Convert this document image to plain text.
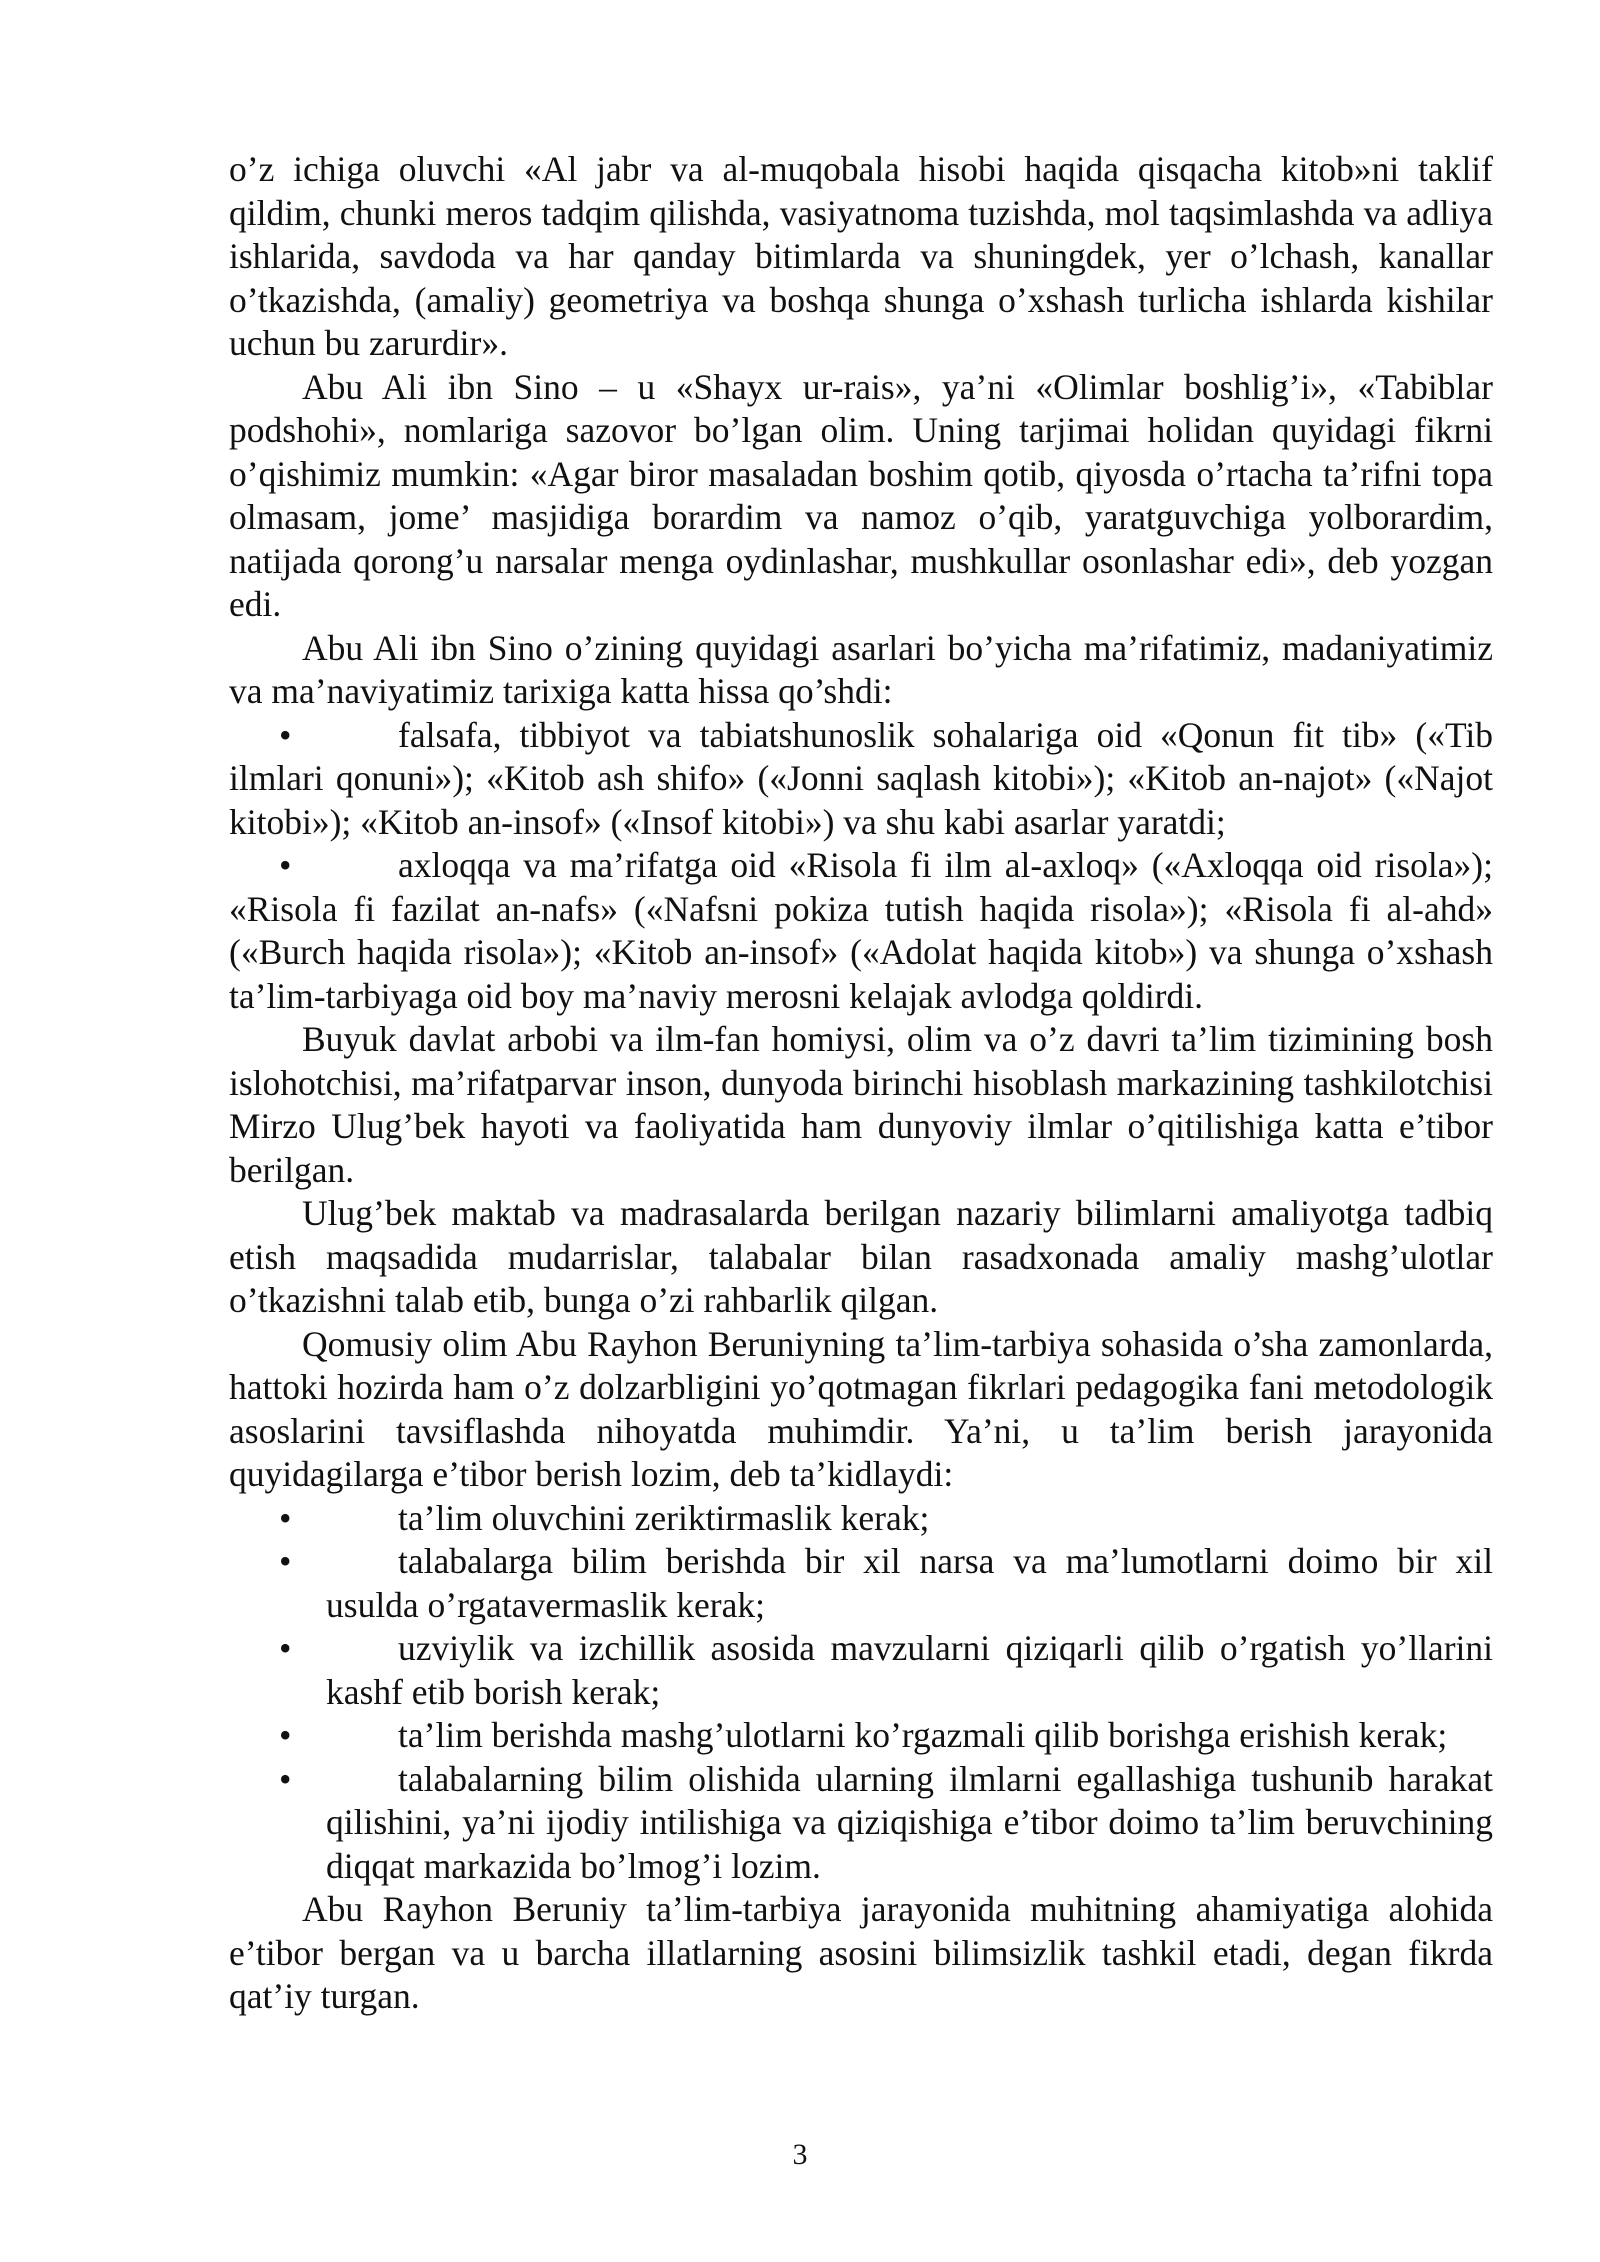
o’z ichiga oluvchi «Al jabr va al-muqobala hisobi haqida qisqacha kitob»ni taklif qildim, chunki meros tadqim qilishda, vasiyatnoma tuzishda, mol taqsimlashda va adliya ishlarida, savdoda va har qanday bitimlarda va shuningdek, yer o’lchash, kanallar o’tkazishda, (amaliy) geometriya va boshqa shunga o’xshash turlicha ishlarda kishilar uchun bu zarurdir».

Abu Ali ibn Sino – u «Shayx ur-rais», ya’ni «Olimlar boshlig’i», «Tabiblar podshohi», nomlariga sazovor bo’lgan olim. Uning tarjimai holidan quyidagi fikrni o’qishimiz mumkin: «Agar biror masaladan boshim qotib, qiyosda o’rtacha ta’rifni topa olmasam, jome’ masjidiga borardim va namoz o’qib, yaratguvchiga yolborardim, natijada qorong’u narsalar menga oydinlashar, mushkullar osonlashar edi», deb yozgan edi.

Abu Ali ibn Sino o’zining quyidagi asarlari bo’yicha ma’rifatimiz, madaniyatimiz va ma’naviyatimiz tarixiga katta hissa qo’shdi:

•	falsafa, tibbiyot va tabiatshunoslik sohalariga oid «Qonun fit tib» («Tib ilmlari qonuni»); «Kitob ash shifo» («Jonni saqlash kitobi»); «Kitob an-najot» («Najot kitobi»); «Kitob an-insof» («Insof kitobi») va shu kabi asarlar yaratdi;

•	axloqqa va ma’rifatga oid «Risola fi ilm al-axloq» («Axloqqa oid risola»); «Risola fi fazilat an-nafs» («Nafsni pokiza tutish haqida risola»); «Risola fi al-ahd» («Burch haqida risola»); «Kitob an-insof» («Adolat haqida kitob») va shunga o’xshash ta’lim-tarbiyaga oid boy ma’naviy merosni kelajak avlodga qoldirdi.

Buyuk davlat arbobi va ilm-fan homiysi, olim va o’z davri ta’lim tizimining bosh islohotchisi, ma’rifatparvar inson, dunyoda birinchi hisoblash markazining tashkilotchisi Mirzo Ulug’bek hayoti va faoliyatida ham dunyoviy ilmlar o’qitilishiga katta e’tibor berilgan.

Ulug’bek maktab va madrasalarda berilgan nazariy bilimlarni amaliyotga tadbiq etish maqsadida mudarrislar, talabalar bilan rasadxonada amaliy mashg’ulotlar o’tkazishni talab etib, bunga o’zi rahbarlik qilgan.

Qomusiy olim Abu Rayhon Beruniyning ta’lim-tarbiya sohasida o’sha zamonlarda, hattoki hozirda ham o’z dolzarbligini yo’qotmagan fikrlari pedagogika fani metodologik asoslarini tavsiflashda nihoyatda muhimdir. Ya’ni, u ta’lim berish jarayonida quyidagilarga e’tibor berish lozim, deb ta’kidlaydi:

•	ta’lim oluvchini zeriktirmaslik kerak;

•	talabalarga bilim berishda bir xil narsa va ma’lumotlarni doimo bir xil usulda o’rgatavermaslik kerak;

•	uzviylik va izchillik asosida mavzularni qiziqarli qilib o’rgatish yo’llarini kashf etib borish kerak;

•	ta’lim berishda mashg’ulotlarni ko’rgazmali qilib borishga erishish kerak;

•	talabalarning bilim olishida ularning ilmlarni egallashiga tushunib harakat qilishini, ya’ni ijodiy intilishiga va qiziqishiga e’tibor doimo ta’lim beruvchining diqqat markazida bo’lmog’i lozim.

Abu Rayhon Beruniy ta’lim-tarbiya jarayonida muhitning ahamiyatiga alohida e’tibor bergan va u barcha illatlarning asosini bilimsizlik tashkil etadi, degan fikrda qat’iy turgan.

3
